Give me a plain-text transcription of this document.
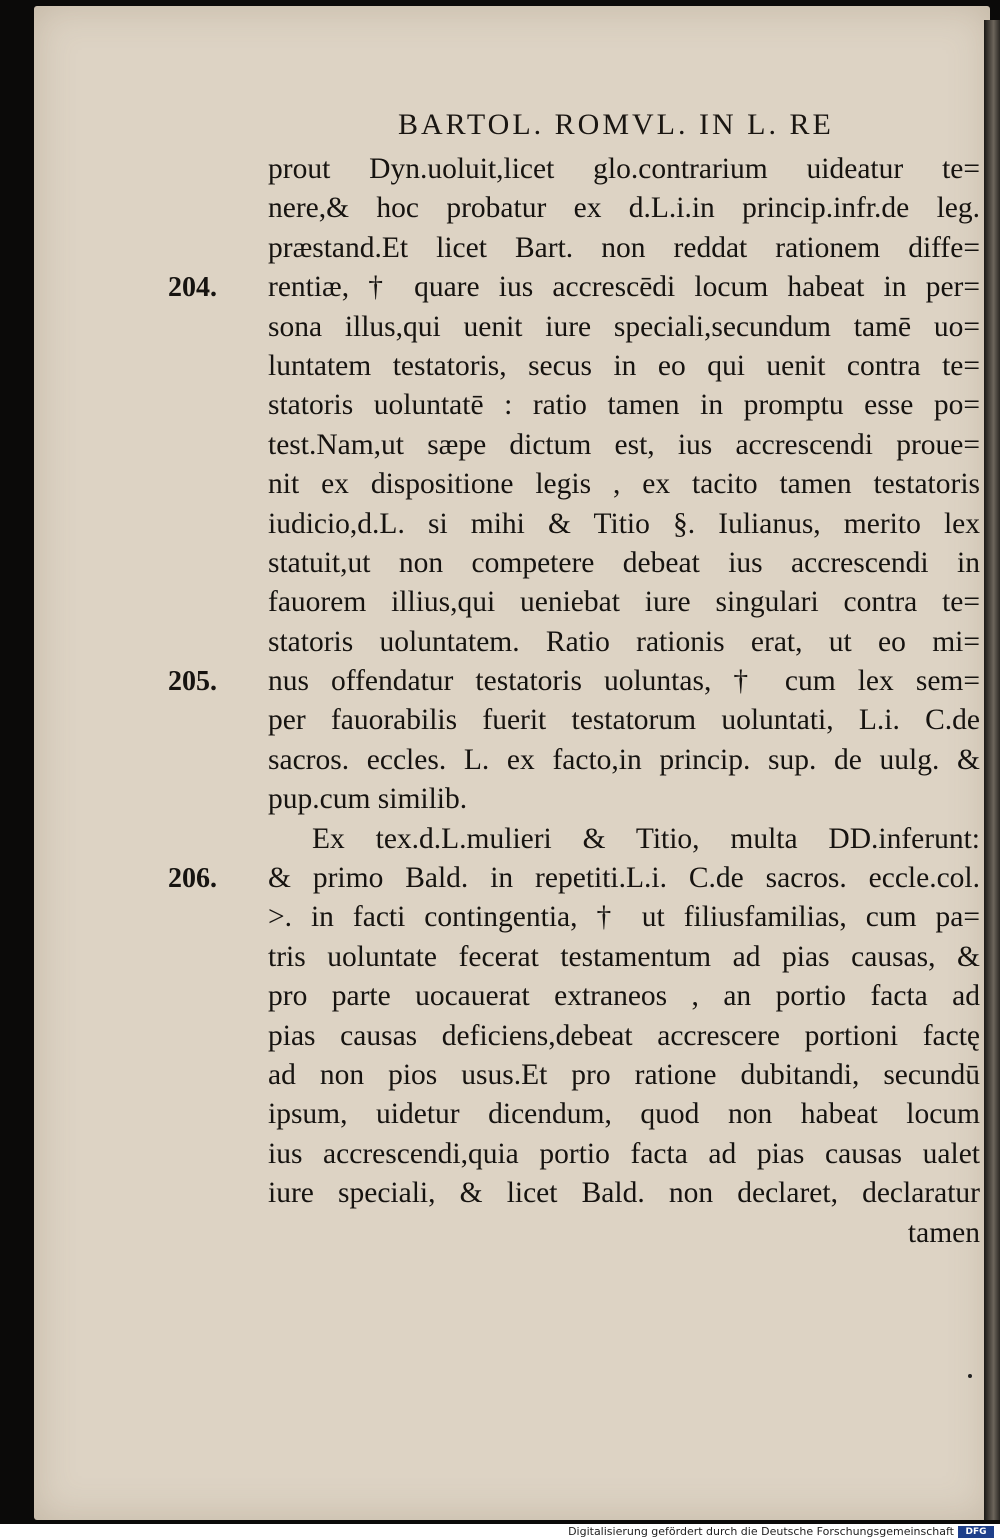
BARTOL. ROMVL. IN L. RE
204.
205.
206.
prout Dyn.uoluit,licet glo.contrarium uideatur te=
nere,& hoc probatur ex d.L.i.in princip.infr.de leg.
præstand.Et licet Bart. non reddat rationem diffe=
rentiæ, † quare ius accrescēdi locum habeat in per=
sona illus,qui uenit iure speciali,secundum tamē uo=
luntatem testatoris, secus in eo qui uenit contra te=
statoris uoluntatē : ratio tamen in promptu esse po=
test.Nam,ut sæpe dictum est, ius accrescendi proue=
nit ex dispositione legis , ex tacito tamen testatoris
iudicio,d.L. si mihi & Titio §. Iulianus, merito lex
statuit,ut non competere debeat ius accrescendi in
fauorem illius,qui ueniebat iure singulari contra te=
statoris uoluntatem. Ratio rationis erat, ut eo mi=
nus offendatur testatoris uoluntas, † cum lex sem=
per fauorabilis fuerit testatorum uoluntati, L.i. C.de
sacros. eccles. L. ex facto,in princip. sup. de uulg. &
pup.cum similib.
Ex tex.d.L.mulieri & Titio, multa DD.inferunt:
& primo Bald. in repetiti.L.i. C.de sacros. eccle.col.
>. in facti contingentia, † ut filiusfamilias, cum pa=
tris uoluntate fecerat testamentum ad pias causas, &
pro parte uocauerat extraneos , an portio facta ad
pias causas deficiens,debeat accrescere portioni factę
ad non pios usus.Et pro ratione dubitandi, secundū
ipsum, uidetur dicendum, quod non habeat locum
ius accrescendi,quia portio facta ad pias causas ualet
iure speciali, & licet Bald. non declaret, declaratur
tamen
Digitalisierung gefördert durch die Deutsche Forschungsgemeinschaft	DFG
